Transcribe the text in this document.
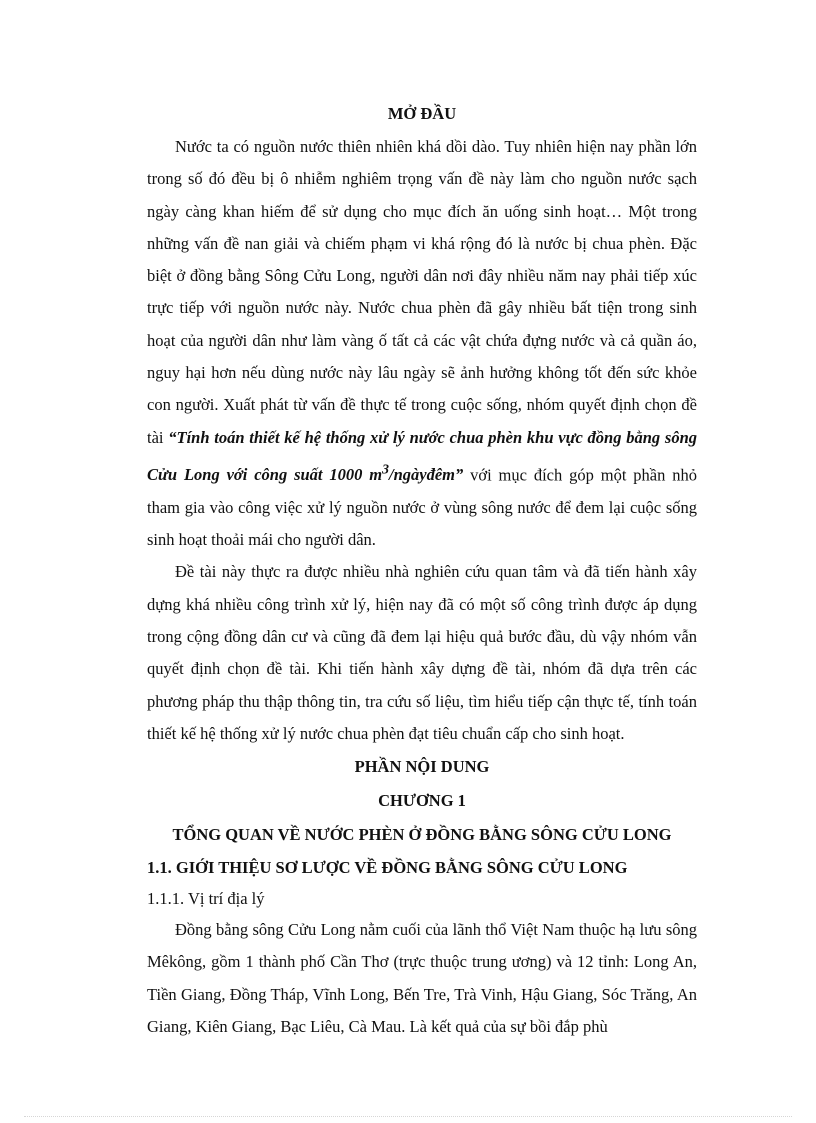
MỞ ĐẦU

Nước ta có nguồn nước thiên nhiên khá dồi dào. Tuy nhiên hiện nay phần lớn trong số đó đều bị ô nhiễm nghiêm trọng vấn đề này làm cho nguồn nước sạch ngày càng khan hiếm để sử dụng cho mục đích ăn uống sinh hoạt… Một trong những vấn đề nan giải và chiếm phạm vi khá rộng đó là nước bị chua phèn. Đặc biệt ở đồng bằng Sông Cửu Long, người dân nơi đây nhiều năm nay phải tiếp xúc trực tiếp với nguồn nước này. Nước chua phèn đã gây nhiều bất tiện trong sinh hoạt của người dân như làm vàng ố tất cả các vật chứa đựng nước và cả quần áo, nguy hại hơn nếu dùng nước này lâu ngày sẽ ảnh hưởng không tốt đến sức khỏe con người. Xuất phát từ vấn đề thực tế trong cuộc sống, nhóm quyết định chọn đề tài “Tính toán thiết kế hệ thống xử lý nước chua phèn khu vực đồng bằng sông Cửu Long với công suất 1000 $m^3$/ngàyđêm” với mục đích góp một phần nhỏ tham gia vào công việc xử lý nguồn nước ở vùng sông nước để đem lại cuộc sống sinh hoạt thoải mái cho người dân.

Đề tài này thực ra được nhiều nhà nghiên cứu quan tâm và đã tiến hành xây dựng khá nhiều công trình xử lý, hiện nay đã có một số công trình được áp dụng trong cộng đồng dân cư và cũng đã đem lại hiệu quả bước đầu, dù vậy nhóm vẫn quyết định chọn đề tài. Khi tiến hành xây dựng đề tài, nhóm đã dựa trên các phương pháp thu thập thông tin, tra cứu số liệu, tìm hiểu tiếp cận thực tế, tính toán thiết kế hệ thống xử lý nước chua phèn đạt tiêu chuẩn cấp cho sinh hoạt.

PHẦN NỘI DUNG

CHƯƠNG 1

TỔNG QUAN VỀ NƯỚC PHÈN Ở ĐỒNG BẰNG SÔNG CỬU LONG

1.1. GIỚI THIỆU SƠ LƯỢC VỀ ĐỒNG BẰNG SÔNG CỬU LONG

1.1.1. Vị trí địa lý

Đồng bằng sông Cửu Long nằm cuối của lãnh thổ Việt Nam thuộc hạ lưu sông Mêkông, gồm 1 thành phố Cần Thơ (trực thuộc trung ương) và 12 tỉnh: Long An, Tiền Giang, Đồng Tháp, Vĩnh Long, Bến Tre, Trà Vinh, Hậu Giang, Sóc Trăng, An Giang, Kiên Giang, Bạc Liêu, Cà Mau. Là kết quả của sự bồi đắp phù
